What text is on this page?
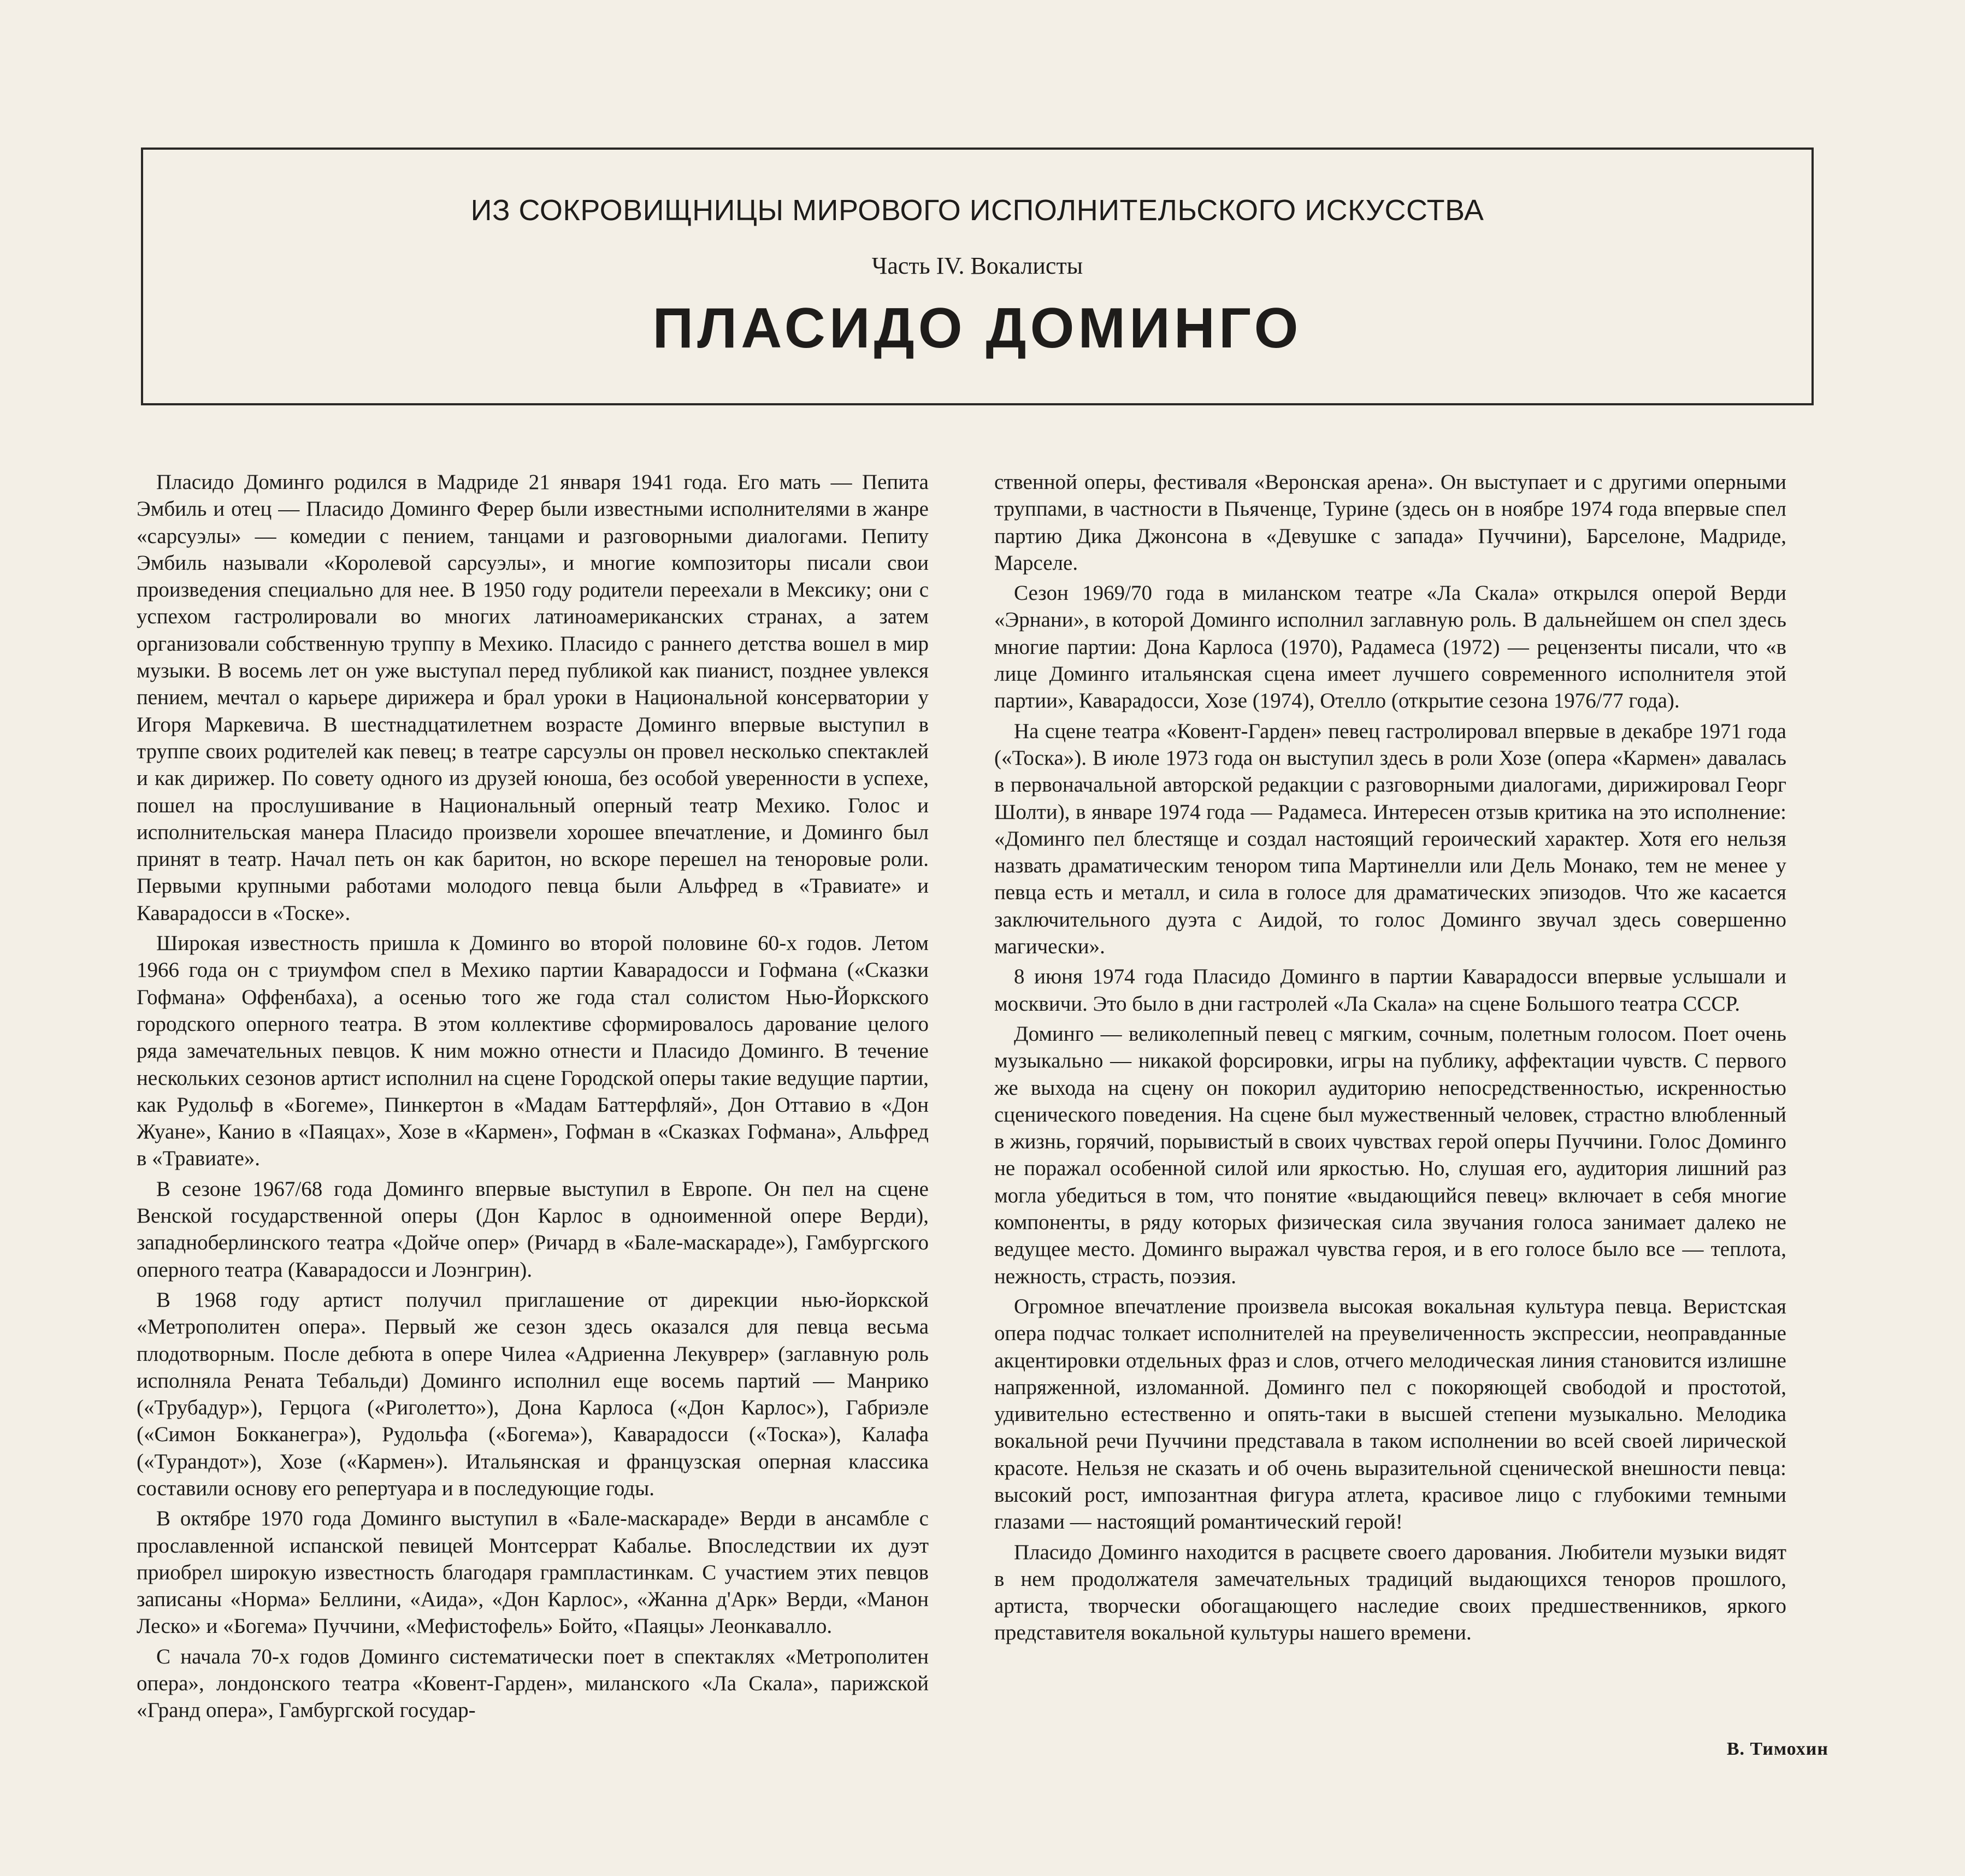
ИЗ СОКРОВИЩНИЦЫ МИРОВОГО ИСПОЛНИТЕЛЬСКОГО ИСКУССТВА
Часть IV. Вокалисты
ПЛАСИДО ДОМИНГО

Пласидо Доминго родился в Мадриде 21 января 1941 года. Его мать — Пепита Эмбиль и отец — Пласидо Доминго Ферер были известными исполнителями в жанре «сарсуэлы» — комедии с пением, танцами и разговорными диалогами. Пепиту Эмбиль называли «Королевой сарсуэлы», и многие композиторы писали свои произведения специально для нее. В 1950 году родители переехали в Мексику; они с успехом гастролировали во многих латиноамериканских странах, а затем организовали собственную труппу в Мехико. Пласидо с раннего детства вошел в мир музыки. В восемь лет он уже выступал перед публикой как пианист, позднее увлекся пением, мечтал о карьере дирижера и брал уроки в Национальной консерватории у Игоря Маркевича. В шестнадцатилетнем возрасте Доминго впервые выступил в труппе своих родителей как певец; в театре сарсуэлы он провел несколько спектаклей и как дирижер. По совету одного из друзей юноша, без особой уверенности в успехе, пошел на прослушивание в Национальный оперный театр Мехико. Голос и исполнительская манера Пласидо произвели хорошее впечатление, и Доминго был принят в театр. Начал петь он как баритон, но вскоре перешел на теноровые роли. Первыми крупными работами молодого певца были Альфред в «Травиате» и Каварадосси в «Тоске».

Широкая известность пришла к Доминго во второй половине 60-х годов. Летом 1966 года он с триумфом спел в Мехико партии Каварадосси и Гофмана («Сказки Гофмана» Оффенбаха), а осенью того же года стал солистом Нью-Йоркского городского оперного театра. В этом коллективе сформировалось дарование целого ряда замечательных певцов. К ним можно отнести и Пласидо Доминго. В течение нескольких сезонов артист исполнил на сцене Городской оперы такие ведущие партии, как Рудольф в «Богеме», Пинкертон в «Мадам Баттерфляй», Дон Оттавио в «Дон Жуане», Канио в «Паяцах», Хозе в «Кармен», Гофман в «Сказках Гофмана», Альфред в «Травиате».

В сезоне 1967/68 года Доминго впервые выступил в Европе. Он пел на сцене Венской государственной оперы (Дон Карлос в одноименной опере Верди), западноберлинского театра «Дойче опер» (Ричард в «Бале-маскараде»), Гамбургского оперного театра (Каварадосси и Лоэнгрин).

В 1968 году артист получил приглашение от дирекции нью-йоркской «Метрополитен опера». Первый же сезон здесь оказался для певца весьма плодотворным. После дебюта в опере Чилеа «Адриенна Лекуврер» (заглавную роль исполняла Рената Тебальди) Доминго исполнил еще восемь партий — Манрико («Трубадур»), Герцога («Риголетто»), Дона Карлоса («Дон Карлос»), Габриэле («Симон Бокканегра»), Рудольфа («Богема»), Каварадосси («Тоска»), Калафа («Турандот»), Хозе («Кармен»). Итальянская и французская оперная классика составили основу его репертуара и в последующие годы.

В октябре 1970 года Доминго выступил в «Бале-маскараде» Верди в ансамбле с прославленной испанской певицей Монтсеррат Кабалье. Впоследствии их дуэт приобрел широкую известность благодаря грампластинкам. С участием этих певцов записаны «Норма» Беллини, «Аида», «Дон Карлос», «Жанна д'Арк» Верди, «Манон Леско» и «Богема» Пуччини, «Мефистофель» Бойто, «Паяцы» Леонкавалло.

С начала 70-х годов Доминго систематически поет в спектаклях «Метрополитен опера», лондонского театра «Ковент-Гарден», миланского «Ла Скала», парижской «Гранд опера», Гамбургской государ-

ственной оперы, фестиваля «Веронская арена». Он выступает и с другими оперными труппами, в частности в Пьяченце, Турине (здесь он в ноябре 1974 года впервые спел партию Дика Джонсона в «Девушке с запада» Пуччини), Барселоне, Мадриде, Марселе.

Сезон 1969/70 года в миланском театре «Ла Скала» открылся оперой Верди «Эрнани», в которой Доминго исполнил заглавную роль. В дальнейшем он спел здесь многие партии: Дона Карлоса (1970), Радамеса (1972) — рецензенты писали, что «в лице Доминго итальянская сцена имеет лучшего современного исполнителя этой партии», Каварадосси, Хозе (1974), Отелло (открытие сезона 1976/77 года).

На сцене театра «Ковент-Гарден» певец гастролировал впервые в декабре 1971 года («Тоска»). В июле 1973 года он выступил здесь в роли Хозе (опера «Кармен» давалась в первоначальной авторской редакции с разговорными диалогами, дирижировал Георг Шолти), в январе 1974 года — Радамеса. Интересен отзыв критика на это исполнение: «Доминго пел блестяще и создал настоящий героический характер. Хотя его нельзя назвать драматическим тенором типа Мартинелли или Дель Монако, тем не менее у певца есть и металл, и сила в голосе для драматических эпизодов. Что же касается заключительного дуэта с Аидой, то голос Доминго звучал здесь совершенно магически».

8 июня 1974 года Пласидо Доминго в партии Каварадосси впервые услышали и москвичи. Это было в дни гастролей «Ла Скала» на сцене Большого театра СССР.

Доминго — великолепный певец с мягким, сочным, полетным голосом. Поет очень музыкально — никакой форсировки, игры на публику, аффектации чувств. С первого же выхода на сцену он покорил аудиторию непосредственностью, искренностью сценического поведения. На сцене был мужественный человек, страстно влюбленный в жизнь, горячий, порывистый в своих чувствах герой оперы Пуччини. Голос Доминго не поражал особенной силой или яркостью. Но, слушая его, аудитория лишний раз могла убедиться в том, что понятие «выдающийся певец» включает в себя многие компоненты, в ряду которых физическая сила звучания голоса занимает далеко не ведущее место. Доминго выражал чувства героя, и в его голосе было все — теплота, нежность, страсть, поэзия.

Огромное впечатление произвела высокая вокальная культура певца. Веристская опера подчас толкает исполнителей на преувеличенность экспрессии, неоправданные акцентировки отдельных фраз и слов, отчего мелодическая линия становится излишне напряженной, изломанной. Доминго пел с покоряющей свободой и простотой, удивительно естественно и опять-таки в высшей степени музыкально. Мелодика вокальной речи Пуччини представала в таком исполнении во всей своей лирической красоте. Нельзя не сказать и об очень выразительной сценической внешности певца: высокий рост, импозантная фигура атлета, красивое лицо с глубокими темными глазами — настоящий романтический герой!

Пласидо Доминго находится в расцвете своего дарования. Любители музыки видят в нем продолжателя замечательных традиций выдающихся теноров прошлого, артиста, творчески обогащающего наследие своих предшественников, яркого представителя вокальной культуры нашего времени.

В. Тимохин
